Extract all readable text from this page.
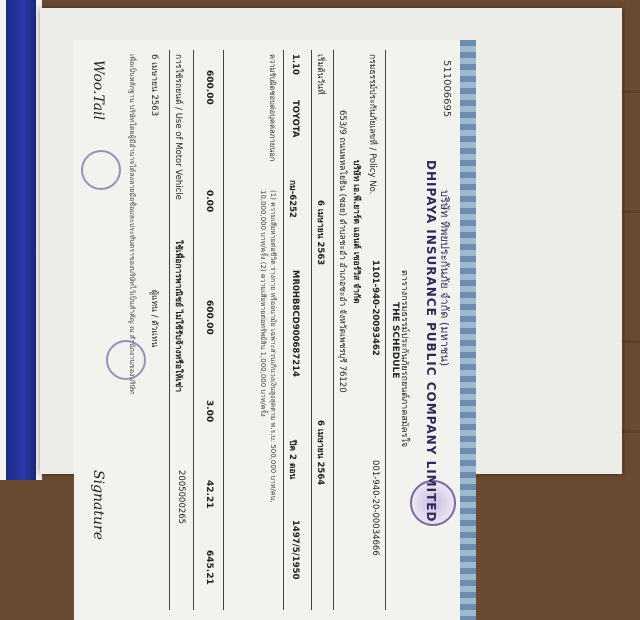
บริษัท ทิพยประกันภัย จำกัด (มหาชน)
DHIPAYA INSURANCE PUBLIC COMPANY LIMITED
511006695
ตารางกรมธรรม์ประกันภัยรถยนต์ภาคสมัครใจ
THE SCHEDULE
กรมธรรม์ประกันภัยเลขที่ / Policy No.
1101-940-20093462
001-940-20-00034666
บริษัท เอ.พี.ยาร์ด แอนด์ เซอร์วิส จำกัด
653/9 ถนนพหลโยธิน (ซอย) ตำบลชะอำ อำเภอชะอำ จังหวัดเพชรบุรี 76120
เริ่มต้นวันที่
6 เมษายน 2563
6 เมษายน 2564
1.10
TOYOTA
กม-6252
MR0HB8CD900687214
ปิค 2 ตอน
1497/5/1950
ความรับผิดชอบต่อบุคคลภายนอก
(1) ความเสียหายต่อชีวิต ร่างกาย หรืออนามัย เฉพาะส่วนเกินวงเงินสูงสุดตาม พ.ร.บ. 500,000 บาท/คน, 10,000,000 บาท/ครั้ง (2) ความเสียหายต่อทรัพย์สิน 1,000,000 บาท/ครั้ง
600.00
0.00
600.00
3.00
42.21
645.21
การใช้รถยนต์ / Use of Motor Vehicle
ใช้เพื่อการพาณิชย์ ไม่ใช้รับจ้างหรือให้เช่า
2005000265
6 เมษายน 2563
ผู้แทน / ตัวแทน
เพื่อเป็นหลักฐาน บริษัทโดยผู้มีอำนาจได้ลงลายมือชื่อและประทับตราของบริษัทไว้เป็นสำคัญ ณ สำนักงานของบริษัท
Woo.Tail
Signature
